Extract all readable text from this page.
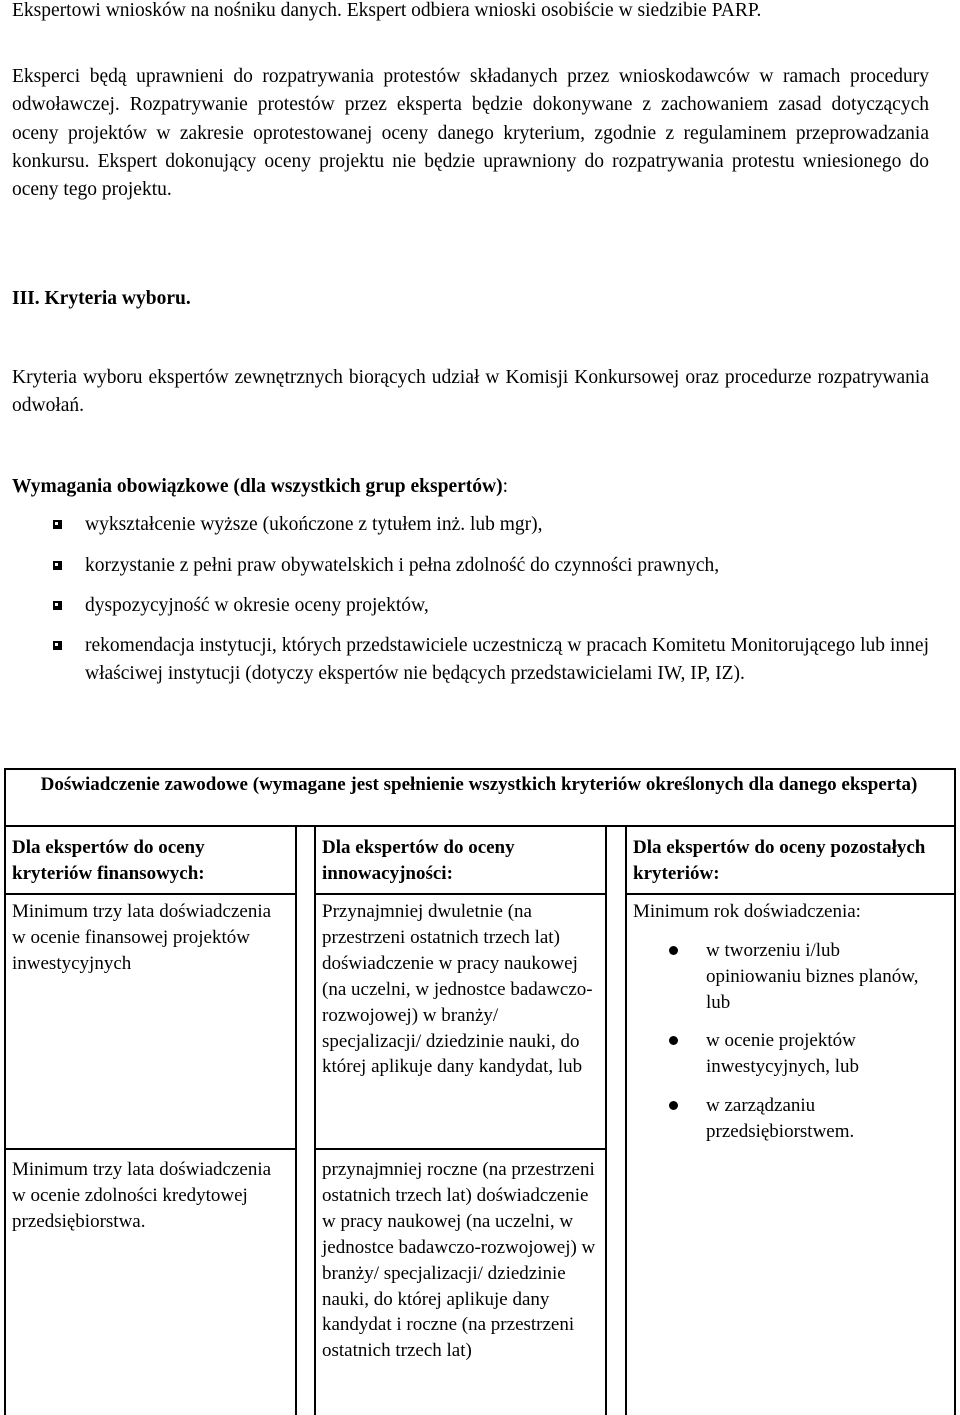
Ekspertowi wniosków na nośniku danych. Ekspert odbiera wnioski osobiście w siedzibie PARP.

Eksperci będą uprawnieni do rozpatrywania protestów składanych przez wnioskodawców w ramach procedury odwoławczej. Rozpatrywanie protestów przez eksperta będzie dokonywane z zachowaniem zasad dotyczących oceny projektów w zakresie oprotestowanej oceny danego kryterium, zgodnie z regulaminem przeprowadzania konkursu. Ekspert dokonujący oceny projektu nie będzie uprawniony do rozpatrywania protestu wniesionego do oceny tego projektu.

III. Kryteria wyboru.

Kryteria wyboru ekspertów zewnętrznych biorących udział w Komisji Konkursowej oraz procedurze rozpatrywania odwołań.

Wymagania obowiązkowe (dla wszystkich grup ekspertów):

wykształcenie wyższe (ukończone z tytułem inż. lub mgr),
korzystanie z pełni praw obywatelskich i pełna zdolność do czynności prawnych,
dyspozycyjność w okresie oceny projektów,
rekomendacja instytucji, których przedstawiciele uczestniczą w pracach Komitetu Monitorującego lub innej właściwej instytucji (dotyczy ekspertów nie będących przedstawicielami IW, IP, IZ).
Doświadczenie zawodowe (wymagane jest spełnienie wszystkich kryteriów określonych dla danego eksperta)
Dla ekspertów do oceny kryteriów finansowych:
Minimum trzy lata doświadczenia w ocenie finansowej projektów inwestycyjnych
Minimum trzy lata doświadczenia w ocenie zdolności kredytowej przedsiębiorstwa.
Dla ekspertów do oceny innowacyjności:
Przynajmniej dwuletnie (na przestrzeni ostatnich trzech lat) doświadczenie w pracy naukowej (na uczelni, w jednostce badawczo-rozwojowej) w branży/ specjalizacji/ dziedzinie nauki, do której aplikuje dany kandydat, lub
przynajmniej roczne (na przestrzeni ostatnich trzech lat) doświadczenie w pracy naukowej (na uczelni, w jednostce badawczo-rozwojowej) w branży/ specjalizacji/ dziedzinie nauki, do której aplikuje dany kandydat i roczne (na przestrzeni ostatnich trzech lat)
Dla ekspertów do oceny pozostałych kryteriów:
Minimum rok doświadczenia:
w tworzeniu i/lub opiniowaniu biznes planów, lub
w ocenie projektów inwestycyjnych, lub
w zarządzaniu przedsiębiorstwem.
